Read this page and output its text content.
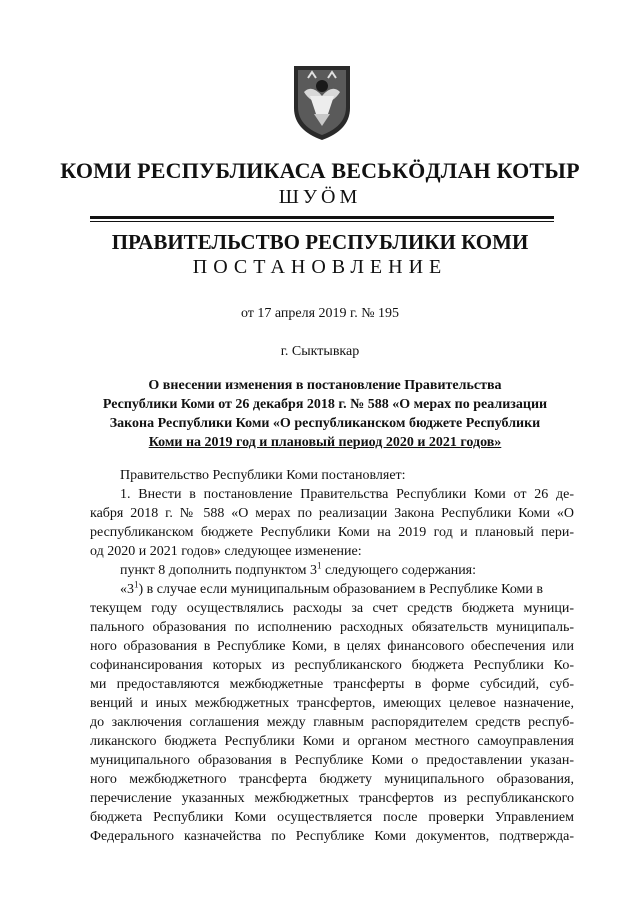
КОМИ РЕСПУБЛИКАСА ВЕСЬКӦДЛАН КОТЫР
ШУӦМ
ПРАВИТЕЛЬСТВО РЕСПУБЛИКИ КОМИ
ПОСТАНОВЛЕНИЕ
от 17 апреля 2019 г. № 195
г. Сыктывкар
О внесении изменения в постановление Правительства
Республики Коми от 26 декабря 2018 г. № 588 «О мерах по реализации
Закона Республики Коми «О республиканском бюджете Республики
Коми на 2019 год и плановый период 2020 и 2021 годов»
Правительство Республики Коми постановляет:
1. Внести в постановление Правительства Республики Коми от 26 де-
кабря 2018 г. № 588 «О мерах по реализации Закона Республики Коми «О
республиканском бюджете Республики Коми на 2019 год и плановый пери-
од 2020 и 2021 годов» следующее изменение:
пункт 8 дополнить подпунктом $3^1$ следующего содержания:
«$3^1$) в случае если муниципальным образованием в Республике Коми в
текущем году осуществлялись расходы за счет средств бюджета муници-
пального образования по исполнению расходных обязательств муниципаль-
ного образования в Республике Коми, в целях финансового обеспечения или
софинансирования которых из республиканского бюджета Республики Ко-
ми предоставляются межбюджетные трансферты в форме субсидий, суб-
венций и иных межбюджетных трансфертов, имеющих целевое назначение,
до заключения соглашения между главным распорядителем средств респуб-
ликанского бюджета Республики Коми и органом местного самоуправления
муниципального образования в Республике Коми о предоставлении указан-
ного межбюджетного трансферта бюджету муниципального образования,
перечисление указанных межбюджетных трансфертов из республиканского
бюджета Республики Коми осуществляется после проверки Управлением
Федерального казначейства по Республике Коми документов, подтвержда-
